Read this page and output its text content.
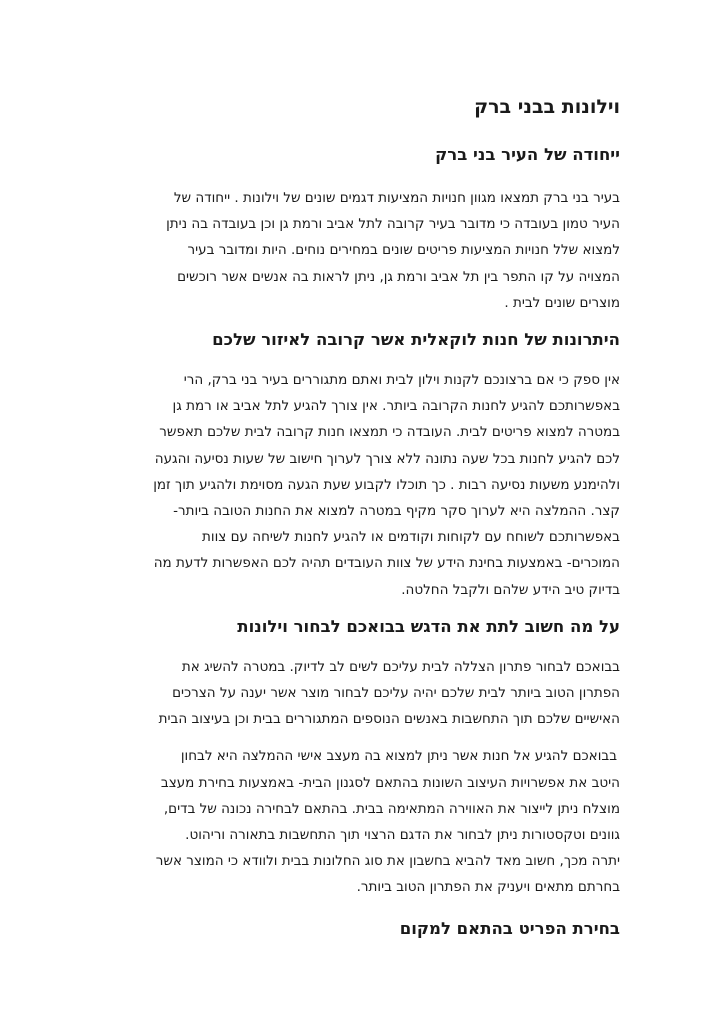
וילונות בבני ברק
ייחודה של העיר בני ברק

בעיר בני ברק תמצאו מגוון חנויות המציעות דגמים שונים של וילונות . ייחודה של
העיר טמון בעובדה כי מדובר בעיר קרובה לתל אביב ורמת גן וכן בעובדה בה ניתן
למצוא שלל חנויות המציעות פריטים שונים במחירים נוחים. היות ומדובר בעיר
המצויה על קו התפר בין תל אביב ורמת גן, ניתן לראות בה אנשים אשר רוכשים
מוצרים שונים לבית .

היתרונות של חנות לוקאלית אשר קרובה לאיזור שלכם

אין ספק כי אם ברצונכם לקנות וילון לבית ואתם מתגוררים בעיר בני ברק, הרי
באפשרותכם להגיע לחנות הקרובה ביותר. אין צורך להגיע לתל אביב או רמת גן
במטרה למצוא פריטים לבית. העובדה כי תמצאו חנות קרובה לבית שלכם תאפשר
לכם להגיע לחנות בכל שעה נתונה ללא צורך לערוך חישוב של שעות נסיעה והגעה
ולהימנע משעות נסיעה רבות . כך תוכלו לקבוע שעת הגעה מסוימת ולהגיע תוך זמן
קצר. ההמלצה היא לערוך סקר מקיף במטרה למצוא את החנות הטובה ביותר-
באפשרותכם לשוחח עם לקוחות וקודמים או להגיע לחנות לשיחה עם צוות
המוכרים- באמצעות בחינת הידע של צוות העובדים תהיה לכם האפשרות לדעת מה
בדיוק טיב הידע שלהם ולקבל החלטה.

על מה חשוב לתת את הדגש בבואכם לבחור וילונות

בבואכם לבחור פתרון הצללה לבית עליכם לשים לב לדיוק. במטרה להשיג את
הפתרון הטוב ביותר לבית שלכם יהיה עליכם לבחור מוצר אשר יענה על הצרכים
האישיים שלכם תוך התחשבות באנשים הנוספים המתגוררים בבית וכן בעיצוב הבית

בבואכם להגיע אל חנות אשר ניתן למצוא בה מעצב אישי ההמלצה היא לבחון
היטב את אפשרויות העיצוב השונות בהתאם לסגנון הבית- באמצעות בחירת מעצב
מוצלח ניתן לייצור את האווירה המתאימה בבית. בהתאם לבחירה נכונה של בדים,
גוונים וטקסטורות ניתן לבחור את הדגם הרצוי תוך התחשבות בתאורה וריהוט.
יתרה מכך, חשוב מאד להביא בחשבון את סוג החלונות בבית ולוודא כי המוצר אשר
בחרתם מתאים ויעניק את הפתרון הטוב ביותר.

בחירת הפריט בהתאם למקום
